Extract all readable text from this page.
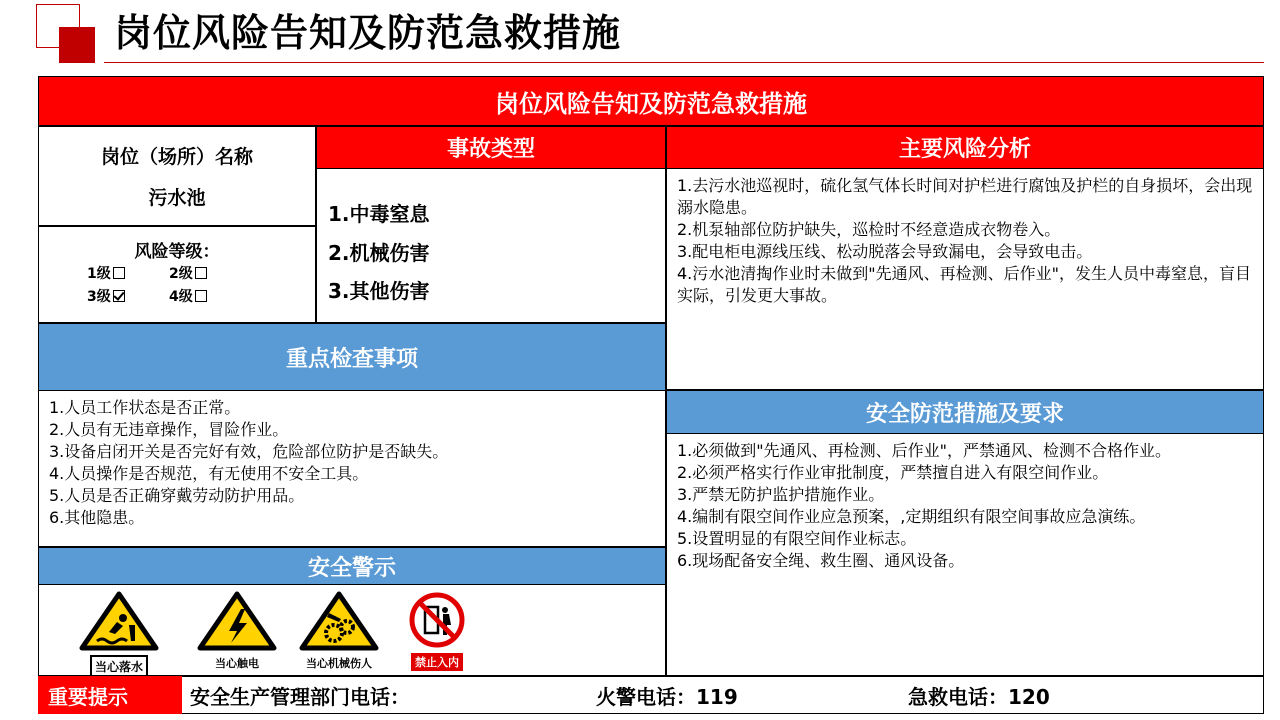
岗位风险告知及防范急救措施
岗位风险告知及防范急救措施
岗位（场所）名称
污水池
风险等级：
1级	2级
3级	4级
事故类型
1.中毒窒息
2.机械伤害
3.其他伤害
主要风险分析
1.去污水池巡视时，硫化氢气体长时间对护栏进行腐蚀及护栏的自身损坏，会出现溺水隐患。
2.机泵轴部位防护缺失，巡检时不经意造成衣物卷入。
3.配电柜电源线压线、松动脱落会导致漏电，会导致电击。
4.污水池清掏作业时未做到"先通风、再检测、后作业"，发生人员中毒窒息，盲目实际，引发更大事故。
重点检查事项
1.人员工作状态是否正常。
2.人员有无违章操作，冒险作业。
3.设备启闭开关是否完好有效，危险部位防护是否缺失。
4.人员操作是否规范，有无使用不安全工具。
5.人员是否正确穿戴劳动防护用品。
6.其他隐患。
安全防范措施及要求
1.必须做到"先通风、再检测、后作业"，严禁通风、检测不合格作业。
2.必须严格实行作业审批制度，严禁擅自进入有限空间作业。
3.严禁无防护监护措施作业。
4.编制有限空间作业应急预案，,定期组织有限空间事故应急演练。
5.设置明显的有限空间作业标志。
6.现场配备安全绳、救生圈、通风设备。
安全警示
当心落水	当心触电	当心机械伤人	禁止入内
重要提示	安全生产管理部门电话：	火警电话：119	急救电话：120
